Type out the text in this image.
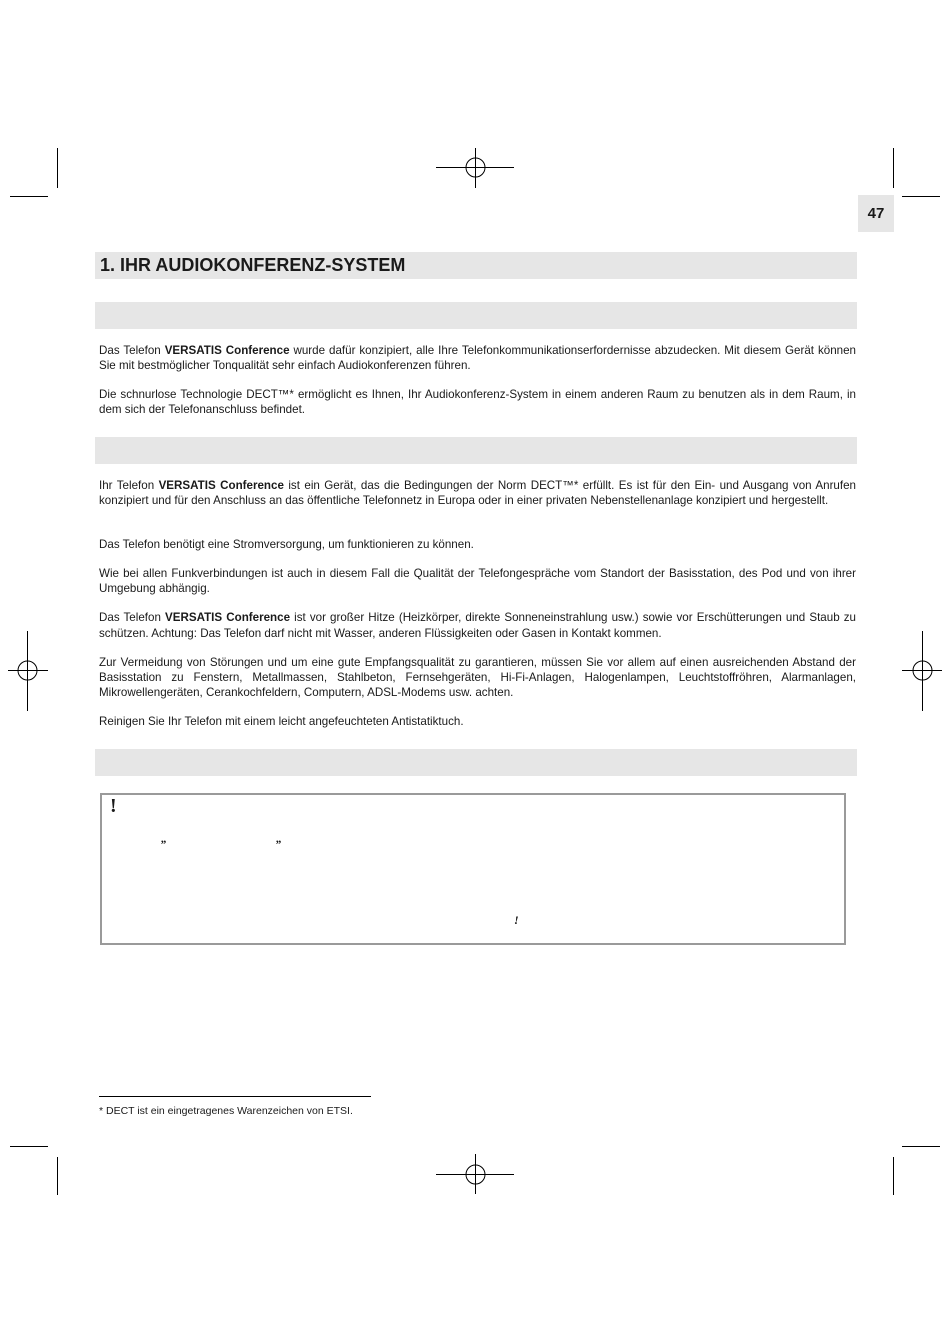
47
1. IHR AUDIOKONFERENZ-SYSTEM

Das Telefon VERSATIS Conference wurde dafür konzipiert, alle Ihre Telefonkommunikationserfordernisse abzudecken. Mit diesem Gerät können Sie mit bestmöglicher Tonqualität sehr einfach Audiokonferenzen führen.

Die schnurlose Technologie DECT™* ermöglicht es Ihnen, Ihr Audiokonferenz-System in einem anderen Raum zu benutzen als in dem Raum, in dem sich der Telefonanschluss befindet.

Ihr Telefon VERSATIS Conference ist ein Gerät, das die Bedingungen der Norm DECT™* erfüllt. Es ist für den Ein- und Ausgang von Anrufen konzipiert und für den Anschluss an das öffentliche Telefonnetz in Europa oder in einer privaten Nebenstellenanlage konzipiert und hergestellt.

Das Telefon benötigt eine Stromversorgung, um funktionieren zu können.

Wie bei allen Funkverbindungen ist auch in diesem Fall die Qualität der Telefongespräche vom Standort der Basisstation, des Pod und von ihrer Umgebung abhängig.

Das Telefon VERSATIS Conference ist vor großer Hitze (Heizkörper, direkte Sonneneinstrahlung usw.) sowie vor Erschütterungen und Staub zu schützen. Achtung: Das Telefon darf nicht mit Wasser, anderen Flüssigkeiten oder Gasen in Kontakt kommen.

Zur Vermeidung von Störungen und um eine gute Empfangsqualität zu garantieren, müssen Sie vor allem auf einen ausreichenden Abstand der Basisstation zu Fenstern, Metallmassen, Stahlbeton, Fernsehgeräten, Hi-Fi-Anlagen, Halogenlampen, Leuchtstoffröhren, Alarmanlagen, Mikrowellengeräten, Cerankochfeldern, Computern, ADSL-Modems usw. achten.

Reinigen Sie Ihr Telefon mit einem leicht angefeuchteten Antistatiktuch.

!
”	”
!
* DECT ist ein eingetragenes Warenzeichen von ETSI.
